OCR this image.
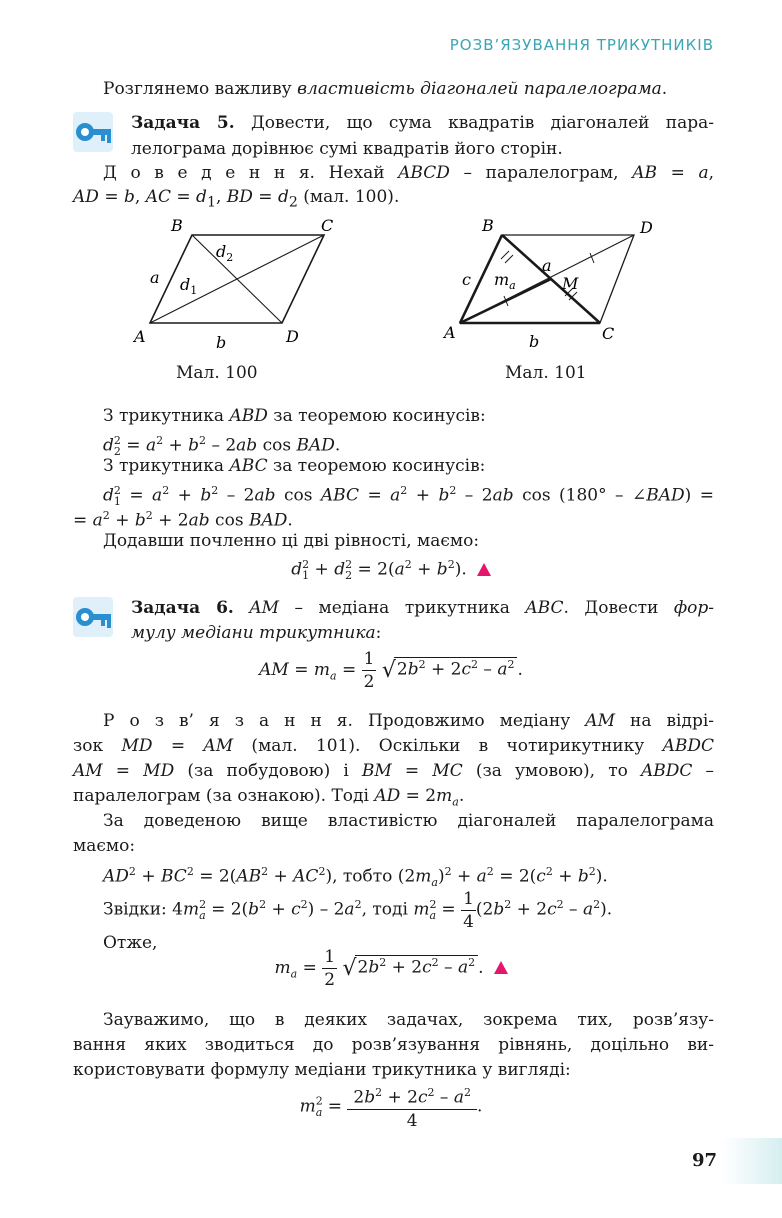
РОЗВ’ЯЗУВАННЯ ТРИКУТНИКІВ
Розглянемо важливу властивість діагоналей паралелограма.
Задача 5. Довести, що сума квадратів діагоналей пара-
лелограма дорівнює сумі квадратів його сторін.
Д о в е д е н н я. Нехай ABCD – паралелограм, AB = a,
AD = b, AC = $d_1$, BD = $d_2$ (мал. 100).
B	C
A	D
a
b
$d_1$
$d_2$
Мал. 100
B	D
A	C
c $m_a$
a
M
b
Мал. 101
З трикутника ABD за теоремою косинусів:
$d^2_2 = a^2 + b^2 - 2ab$ cos BAD.
З трикутника ABC за теоремою косинусів:
$d^2_1 = a^2 + b^2 - 2ab$ cos ABC = $a^2 + b^2 - 2ab$ cos (180° – ∠BAD) =
= $a^2 + b^2 + 2ab$ cos BAD.
Додавши почленно ці дві рівності, маємо:
$d^2_1 + d^2_2 = 2(a^2 + b^2)$.
Задача 6. AM – медіана трикутника ABC. Довести фор-
мулу медіани трикутника:
AM = $m_a = \frac{1}{2} √2b^2 + 2c^2 - a^2$ .
Р о з в’ я з а н н я. Продовжимо медіану AM на відрі-
зок MD = AM (мал. 101). Оскільки в чотирикутнику ABDC
AM = MD (за побудовою) і BM = MC (за умовою), то ABDC –
паралелограм (за ознакою). Тоді AD = $2m_a$.
За доведеною вище властивістю діагоналей паралелограма
маємо:
$AD^2 + BC^2 = 2(AB^2 + AC^2)$, тобто $(2m_a)^2 + a^2 = 2(c^2 + b^2)$.
Звідки: $4m^2_a = 2(b^2 + c^2) - 2a^2$, тоді $m^2_a = \frac{1}{4} (2b^2 + 2c^2 - a^2)$.
Отже,
$m_a = \frac{1}{2} √2b^2 + 2c^2 - a^2$ .
Зауважимо, що в деяких задачах, зокрема тих, розв’язу-
вання яких зводиться до розв’язування рівнянь, доцільно ви-
користовувати формулу медіани трикутника у вигляді:
$m^2_a = \frac{2b^2 + 2c^2 - a^2}{4}$ .
97
